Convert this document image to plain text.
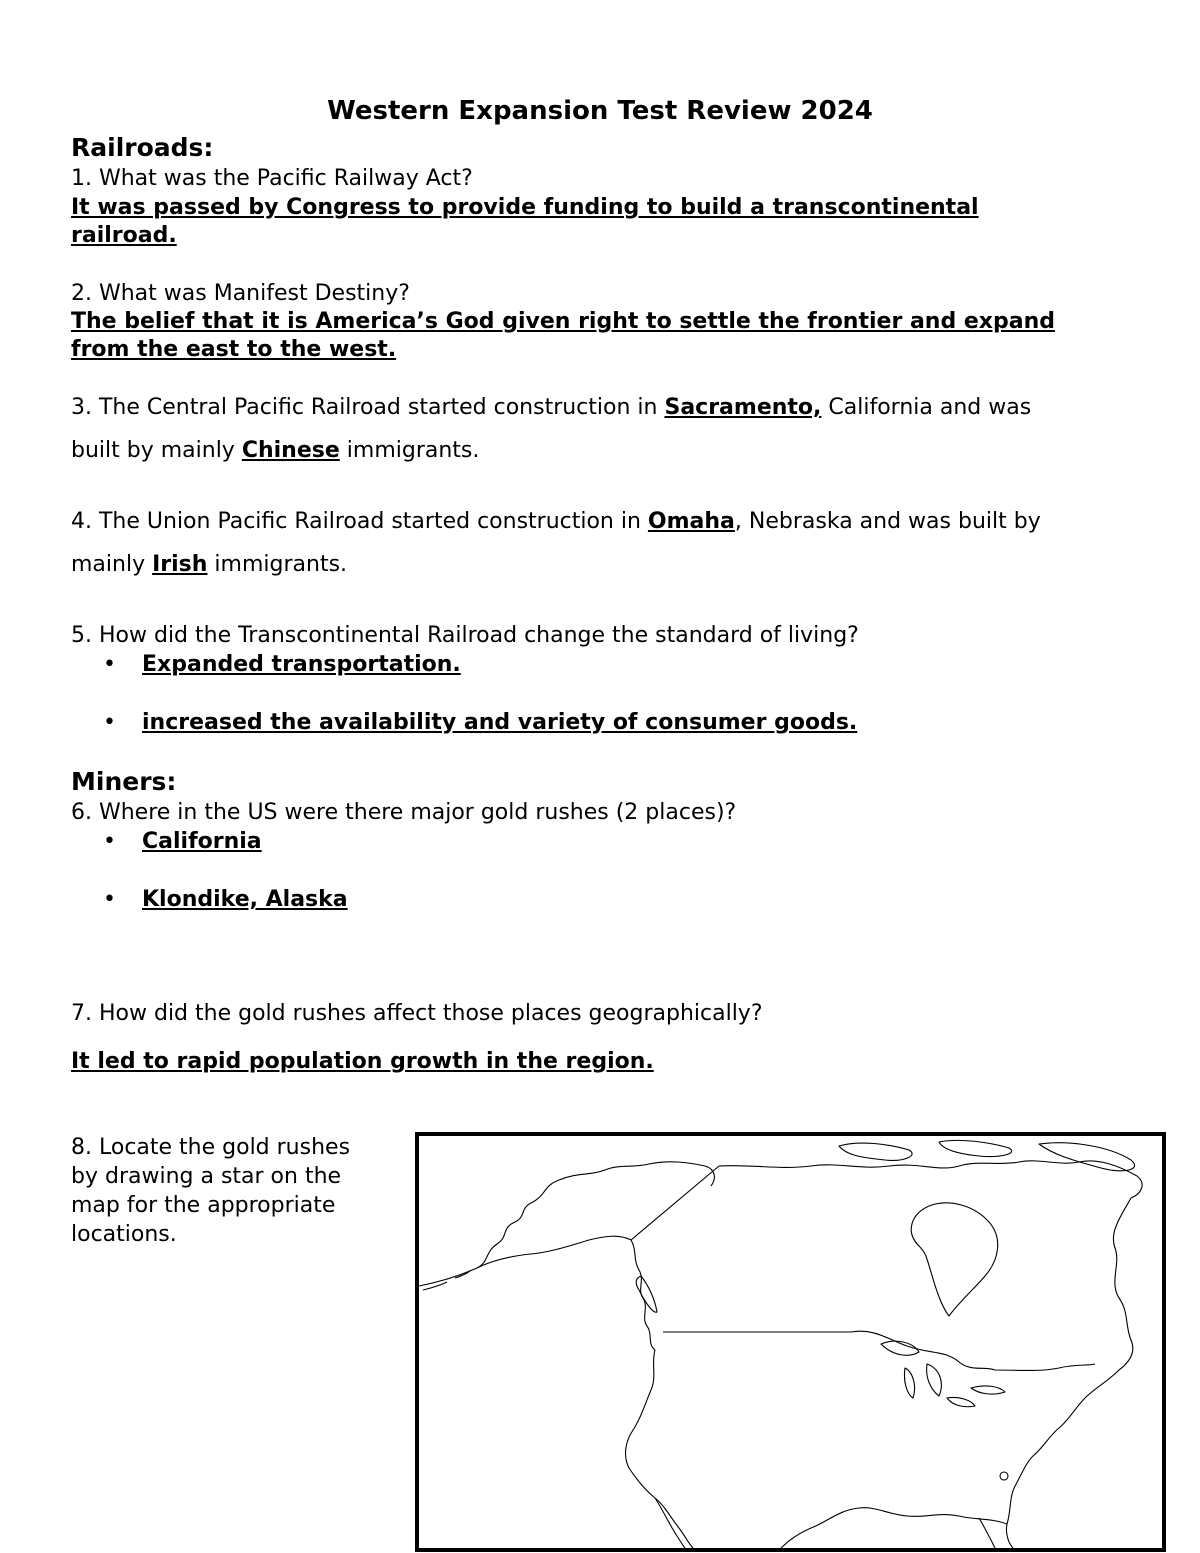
Western Expansion Test Review 2024
Railroads:
1. What was the Pacific Railway Act?
It was passed by Congress to provide funding to build a transcontinental
railroad.
2. What was Manifest Destiny?
The belief that it is America’s God given right to settle the frontier and expand
from the east to the west.
3. The Central Pacific Railroad started construction in Sacramento, California and was
built by mainly Chinese immigrants.
4. The Union Pacific Railroad started construction in Omaha, Nebraska and was built by
mainly Irish immigrants.
5. How did the Transcontinental Railroad change the standard of living?
• Expanded transportation.
• increased the availability and variety of consumer goods.
Miners:
6. Where in the US were there major gold rushes (2 places)?
• California
• Klondike, Alaska
7. How did the gold rushes affect those places geographically?
It led to rapid population growth in the region.
8. Locate the gold rushes
by drawing a star on the
map for the appropriate
locations.
